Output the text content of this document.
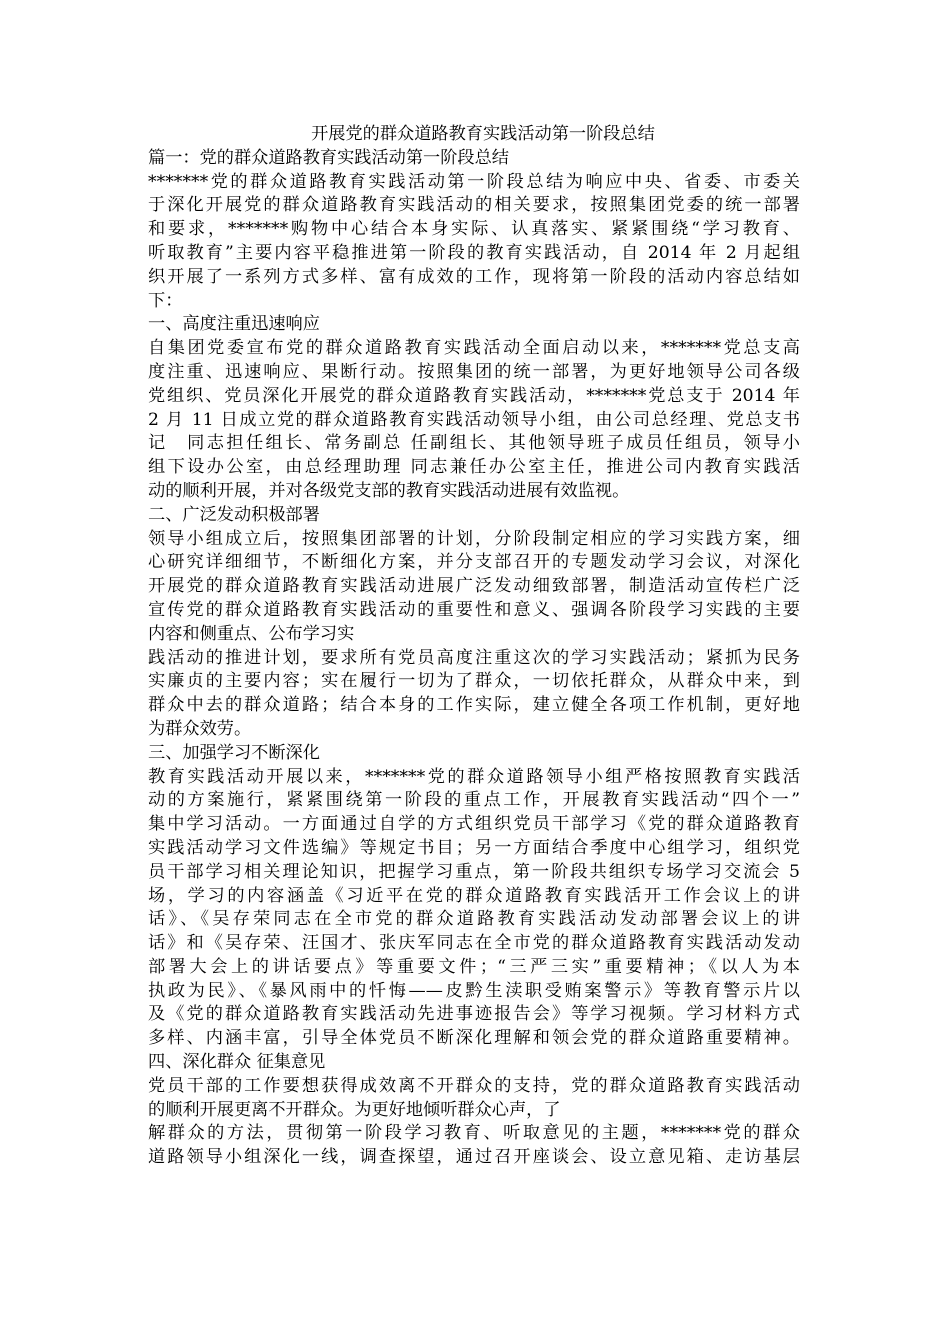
开展党的群众道路教育实践活动第一阶段总结
篇一：党的群众道路教育实践活动第一阶段总结
*******党的群众道路教育实践活动第一阶段总结为响应中央、省委、市委关
于深化开展党的群众道路教育实践活动的相关要求，按照集团党委的统一部署
和要求，*******购物中心结合本身实际、认真落实、紧紧围绕“学习教育、
听取教育”主要内容平稳推进第一阶段的教育实践活动，自 2014 年 2 月起组
织开展了一系列方式多样、富有成效的工作，现将第一阶段的活动内容总结如
下：
一、高度注重迅速响应
自集团党委宣布党的群众道路教育实践活动全面启动以来，*******党总支高
度注重、迅速响应、果断行动。按照集团的统一部署，为更好地领导公司各级
党组织、党员深化开展党的群众道路教育实践活动，*******党总支于 2014 年
2 月 11 日成立党的群众道路教育实践活动领导小组，由公司总经理、党总支书
记　同志担任组长、常务副总 任副组长、其他领导班子成员任组员，领导小
组下设办公室，由总经理助理 同志兼任办公室主任，推进公司内教育实践活
动的顺利开展，并对各级党支部的教育实践活动进展有效监视。
二、广泛发动积极部署
领导小组成立后，按照集团部署的计划，分阶段制定相应的学习实践方案，细
心研究详细细节，不断细化方案，并分支部召开的专题发动学习会议，对深化
开展党的群众道路教育实践活动进展广泛发动细致部署，制造活动宣传栏广泛
宣传党的群众道路教育实践活动的重要性和意义、强调各阶段学习实践的主要
内容和侧重点、公布学习实
践活动的推进计划，要求所有党员高度注重这次的学习实践活动；紧抓为民务
实廉贞的主要内容；实在履行一切为了群众，一切依托群众，从群众中来，到
群众中去的群众道路；结合本身的工作实际，建立健全各项工作机制，更好地
为群众效劳。
三、加强学习不断深化
教育实践活动开展以来，*******党的群众道路领导小组严格按照教育实践活
动的方案施行，紧紧围绕第一阶段的重点工作，开展教育实践活动“四个一”
集中学习活动。一方面通过自学的方式组织党员干部学习《党的群众道路教育
实践活动学习文件选编》等规定书目；另一方面结合季度中心组学习，组织党
员干部学习相关理论知识，把握学习重点，第一阶段共组织专场学习交流会 5
场，学习的内容涵盖《习近平在党的群众道路教育实践活开工作会议上的讲
话》、《吴存荣同志在全市党的群众道路教育实践活动发动部署会议上的讲
话》和《吴存荣、汪国才、张庆军同志在全市党的群众道路教育实践活动发动
部署大会上的讲话要点》等重要文件；“三严三实”重要精神；《以人为本
执政为民》、《暴风雨中的忏悔——皮黔生渎职受贿案警示》等教育警示片以
及《党的群众道路教育实践活动先进事迹报告会》等学习视频。学习材料方式
多样、内涵丰富，引导全体党员不断深化理解和领会党的群众道路重要精神。
四、深化群众 征集意见
党员干部的工作要想获得成效离不开群众的支持，党的群众道路教育实践活动
的顺利开展更离不开群众。为更好地倾听群众心声，了
解群众的方法，贯彻第一阶段学习教育、听取意见的主题，*******党的群众
道路领导小组深化一线，调查探望，通过召开座谈会、设立意见箱、走访基层
